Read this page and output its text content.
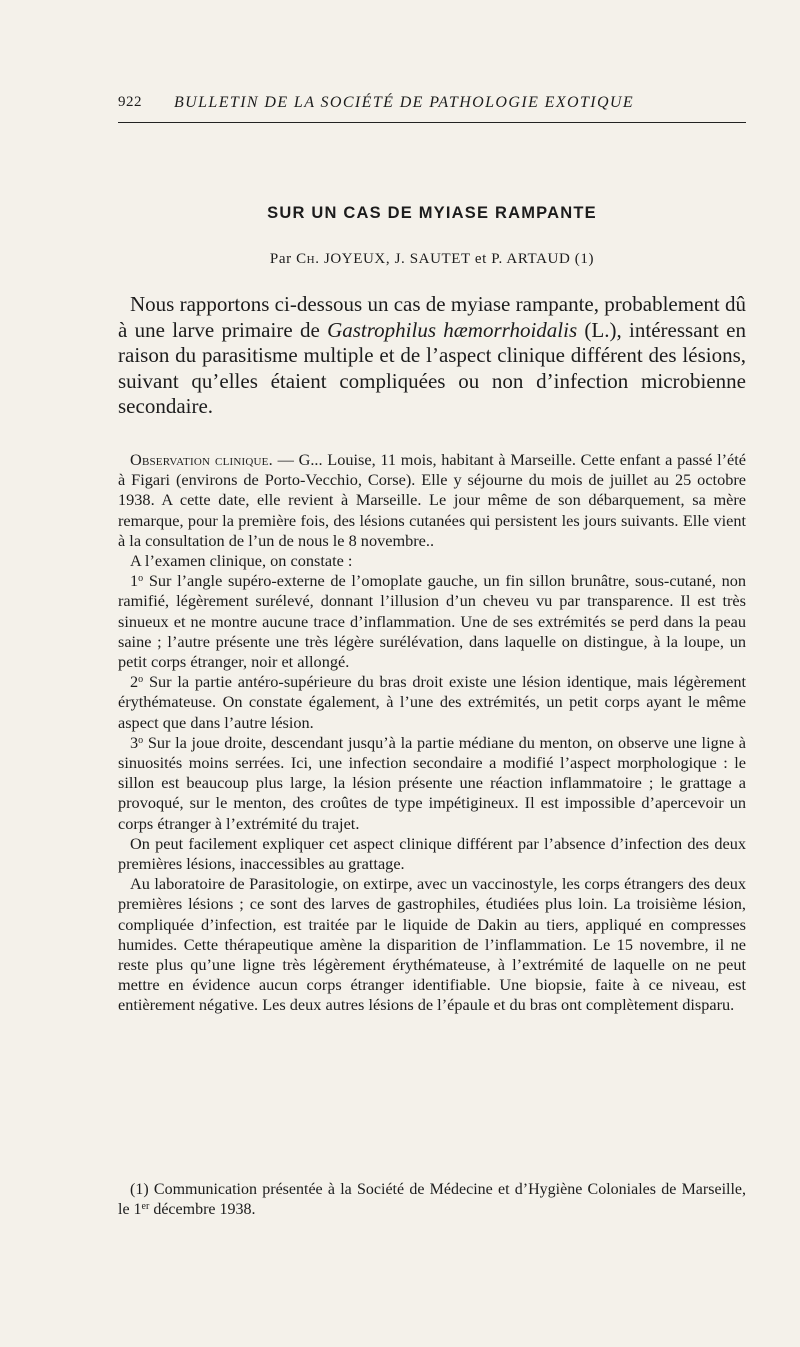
922 BULLETIN DE LA SOCIÉTÉ DE PATHOLOGIE EXOTIQUE
SUR UN CAS DE MYIASE RAMPANTE
Par Ch. JOYEUX, J. SAUTET et P. ARTAUD (1)

Nous rapportons ci-dessous un cas de myiase rampante, probablement dû à une larve primaire de Gastrophilus hæmorrhoidalis (L.), intéressant en raison du parasitisme multiple et de l’aspect clinique différent des lésions, suivant qu’elles étaient compliquées ou non d’infection microbienne secondaire.

Observation clinique. — G... Louise, 11 mois, habitant à Marseille. Cette enfant a passé l’été à Figari (environs de Porto-Vecchio, Corse). Elle y séjourne du mois de juillet au 25 octobre 1938. A cette date, elle revient à Marseille. Le jour même de son débarquement, sa mère remarque, pour la première fois, des lésions cutanées qui persistent les jours suivants. Elle vient à la consultation de l’un de nous le 8 novembre..

A l’examen clinique, on constate :

1$^o$ Sur l’angle supéro-externe de l’omoplate gauche, un fin sillon brunâtre, sous-cutané, non ramifié, légèrement surélevé, donnant l’illusion d’un cheveu vu par transparence. Il est très sinueux et ne montre aucune trace d’inflammation. Une de ses extrémités se perd dans la peau saine ; l’autre présente une très légère surélévation, dans laquelle on distingue, à la loupe, un petit corps étranger, noir et allongé.

2$^o$ Sur la partie antéro-supérieure du bras droit existe une lésion identique, mais légèrement érythémateuse. On constate également, à l’une des extrémités, un petit corps ayant le même aspect que dans l’autre lésion.

3$^o$ Sur la joue droite, descendant jusqu’à la partie médiane du menton, on observe une ligne à sinuosités moins serrées. Ici, une infection secondaire a modifié l’aspect morphologique : le sillon est beaucoup plus large, la lésion présente une réaction inflammatoire ; le grattage a provoqué, sur le menton, des croûtes de type impétigineux. Il est impossible d’apercevoir un corps étranger à l’extrémité du trajet.

On peut facilement expliquer cet aspect clinique différent par l’absence d’infection des deux premières lésions, inaccessibles au grattage.

Au laboratoire de Parasitologie, on extirpe, avec un vaccinostyle, les corps étrangers des deux premières lésions ; ce sont des larves de gastrophiles, étudiées plus loin. La troisième lésion, compliquée d’infection, est traitée par le liquide de Dakin au tiers, appliqué en compresses humides. Cette thérapeutique amène la disparition de l’inflammation. Le 15 novembre, il ne reste plus qu’une ligne très légèrement érythémateuse, à l’extrémité de laquelle on ne peut mettre en évidence aucun corps étranger identifiable. Une biopsie, faite à ce niveau, est entièrement négative. Les deux autres lésions de l’épaule et du bras ont complètement disparu.

(1) Communication présentée à la Société de Médecine et d’Hygiène Coloniales de Marseille, le 1er décembre 1938.
